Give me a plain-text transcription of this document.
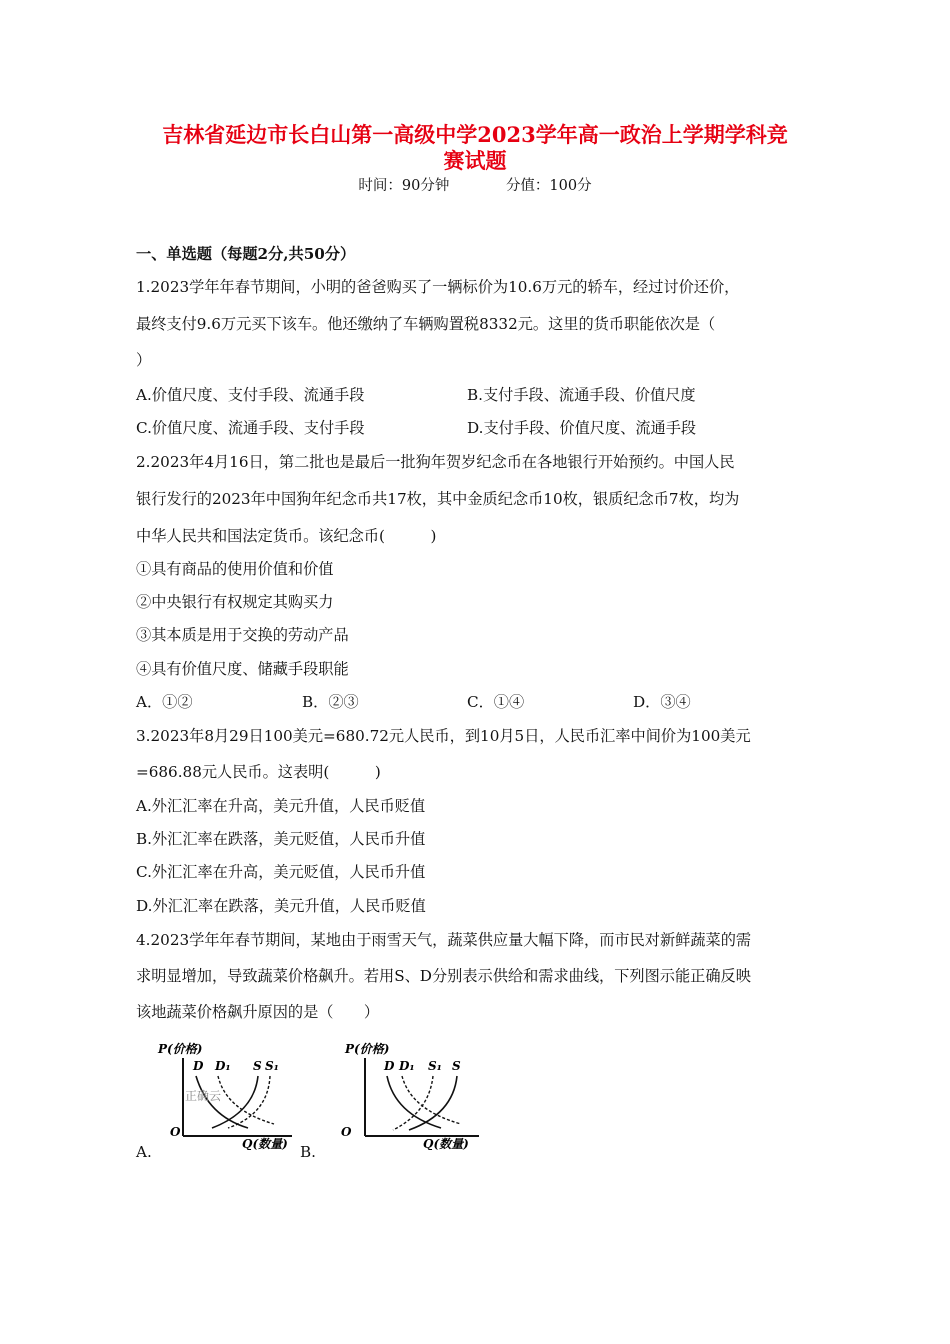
吉林省延边市长白山第一高级中学2023学年高一政治上学期学科竞
赛试题
时间：90分钟	分值：100分
一、单选题（每题2分,共50分）
1.2023学年年春节期间，小明的爸爸购买了一辆标价为10.6万元的轿车，经过讨价还价，
最终支付9.6万元买下该车。他还缴纳了车辆购置税8332元。这里的货币职能依次是（
）
A.价值尺度、支付手段、流通手段	B.支付手段、流通手段、价值尺度
C.价值尺度、流通手段、支付手段	D.支付手段、价值尺度、流通手段
2.2023年4月16日，第二批也是最后一批狗年贺岁纪念币在各地银行开始预约。中国人民
银行发行的2023年中国狗年纪念币共17枚，其中金质纪念币10枚，银质纪念币7枚，均为
中华人民共和国法定货币。该纪念币(　　　)
①具有商品的使用价值和价值
②中央银行有权规定其购买力
③其本质是用于交换的劳动产品
④具有价值尺度、储藏手段职能
A．①②	B．②③	C．①④	D．③④
3.2023年8月29日100美元=680.72元人民币，到10月5日，人民币汇率中间价为100美元
=686.88元人民币。这表明(　　　)
A.外汇汇率在升高，美元升值，人民币贬值
B.外汇汇率在跌落，美元贬值，人民币升值
C.外汇汇率在升高，美元贬值，人民币升值
D.外汇汇率在跌落，美元升值，人民币贬值
4.2023学年年春节期间，某地由于雨雪天气，蔬菜供应量大幅下降，而市民对新鲜蔬菜的需
求明显增加，导致蔬菜价格飙升。若用S、D分别表示供给和需求曲线，下列图示能正确反映
该地蔬菜价格飙升原因的是（　　）
P(价格)
O
Q(数量)
D D₁ S S₁
正确云
A.
P(价格)
O
Q(数量)
D D₁ S₁ S
B.
